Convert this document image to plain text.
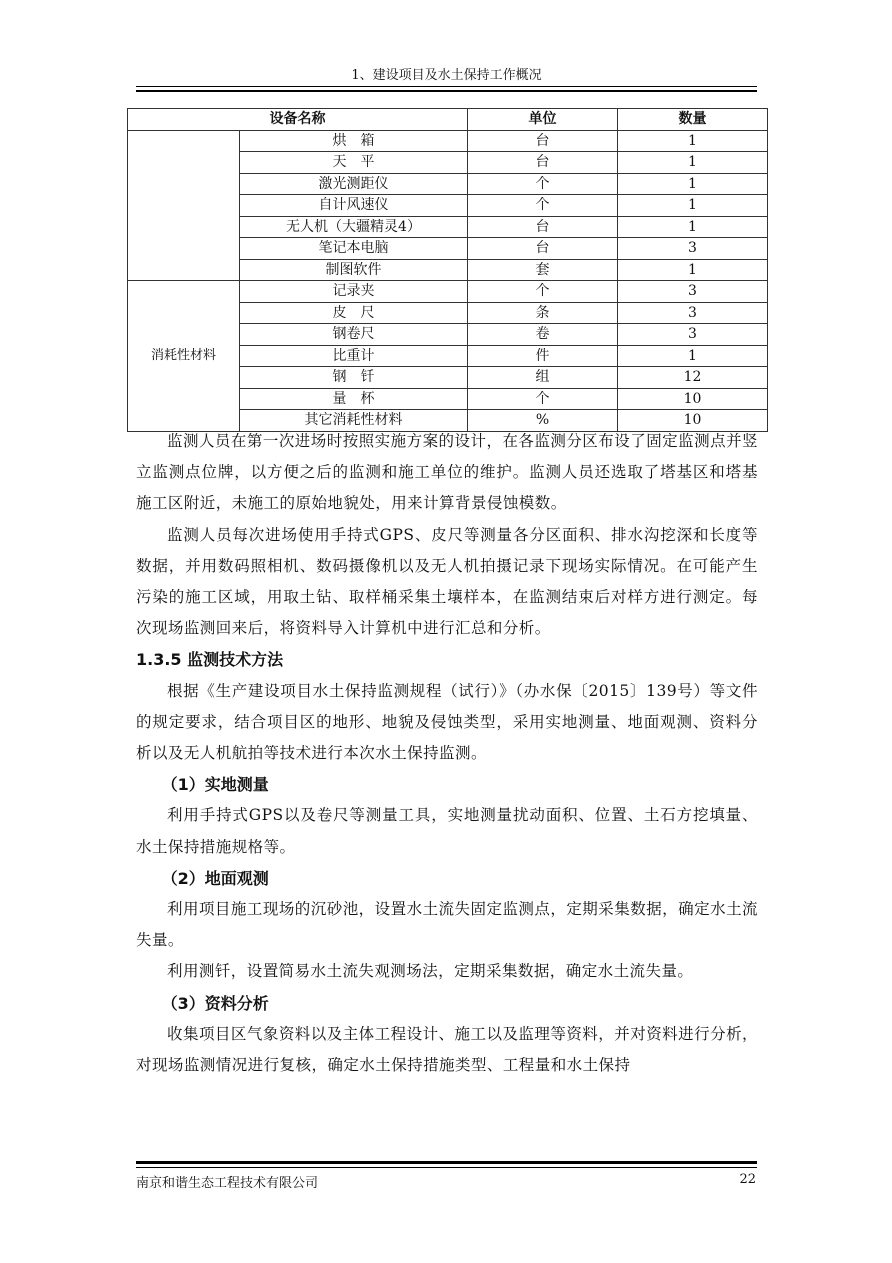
1、建设项目及水土保持工作概况
设备名称		单位	数量
	烘　箱	台	1
	天　平	台	1
	激光测距仪	个	1
	自计风速仪	个	1
	无人机（大疆精灵4）	台	1
	笔记本电脑	台	3
	制图软件	套	1
消耗性材料	记录夹	个	3
	皮　尺	条	3
	钢卷尺	卷	3
	比重计	件	1
	钢　钎	组	12
	量　杯	个	10
	其它消耗性材料	%	10

监测人员在第一次进场时按照实施方案的设计，在各监测分区布设了固定监测点并竖立监测点位牌，以方便之后的监测和施工单位的维护。监测人员还选取了塔基区和塔基施工区附近，未施工的原始地貌处，用来计算背景侵蚀模数。

监测人员每次进场使用手持式GPS、皮尺等测量各分区面积、排水沟挖深和长度等数据，并用数码照相机、数码摄像机以及无人机拍摄记录下现场实际情况。在可能产生污染的施工区域，用取土钻、取样桶采集土壤样本，在监测结束后对样方进行测定。每次现场监测回来后，将资料导入计算机中进行汇总和分析。

1.3.5 监测技术方法

根据《生产建设项目水土保持监测规程（试行）》（办水保〔2015〕139号）等文件的规定要求，结合项目区的地形、地貌及侵蚀类型，采用实地测量、地面观测、资料分析以及无人机航拍等技术进行本次水土保持监测。

（1）实地测量

利用手持式GPS以及卷尺等测量工具，实地测量扰动面积、位置、土石方挖填量、水土保持措施规格等。

（2）地面观测

利用项目施工现场的沉砂池，设置水土流失固定监测点，定期采集数据，确定水土流失量。

利用测钎，设置简易水土流失观测场法，定期采集数据，确定水土流失量。

（3）资料分析

收集项目区气象资料以及主体工程设计、施工以及监理等资料，并对资料进行分析，对现场监测情况进行复核，确定水土保持措施类型、工程量和水土保持

南京和谐生态工程技术有限公司	22
